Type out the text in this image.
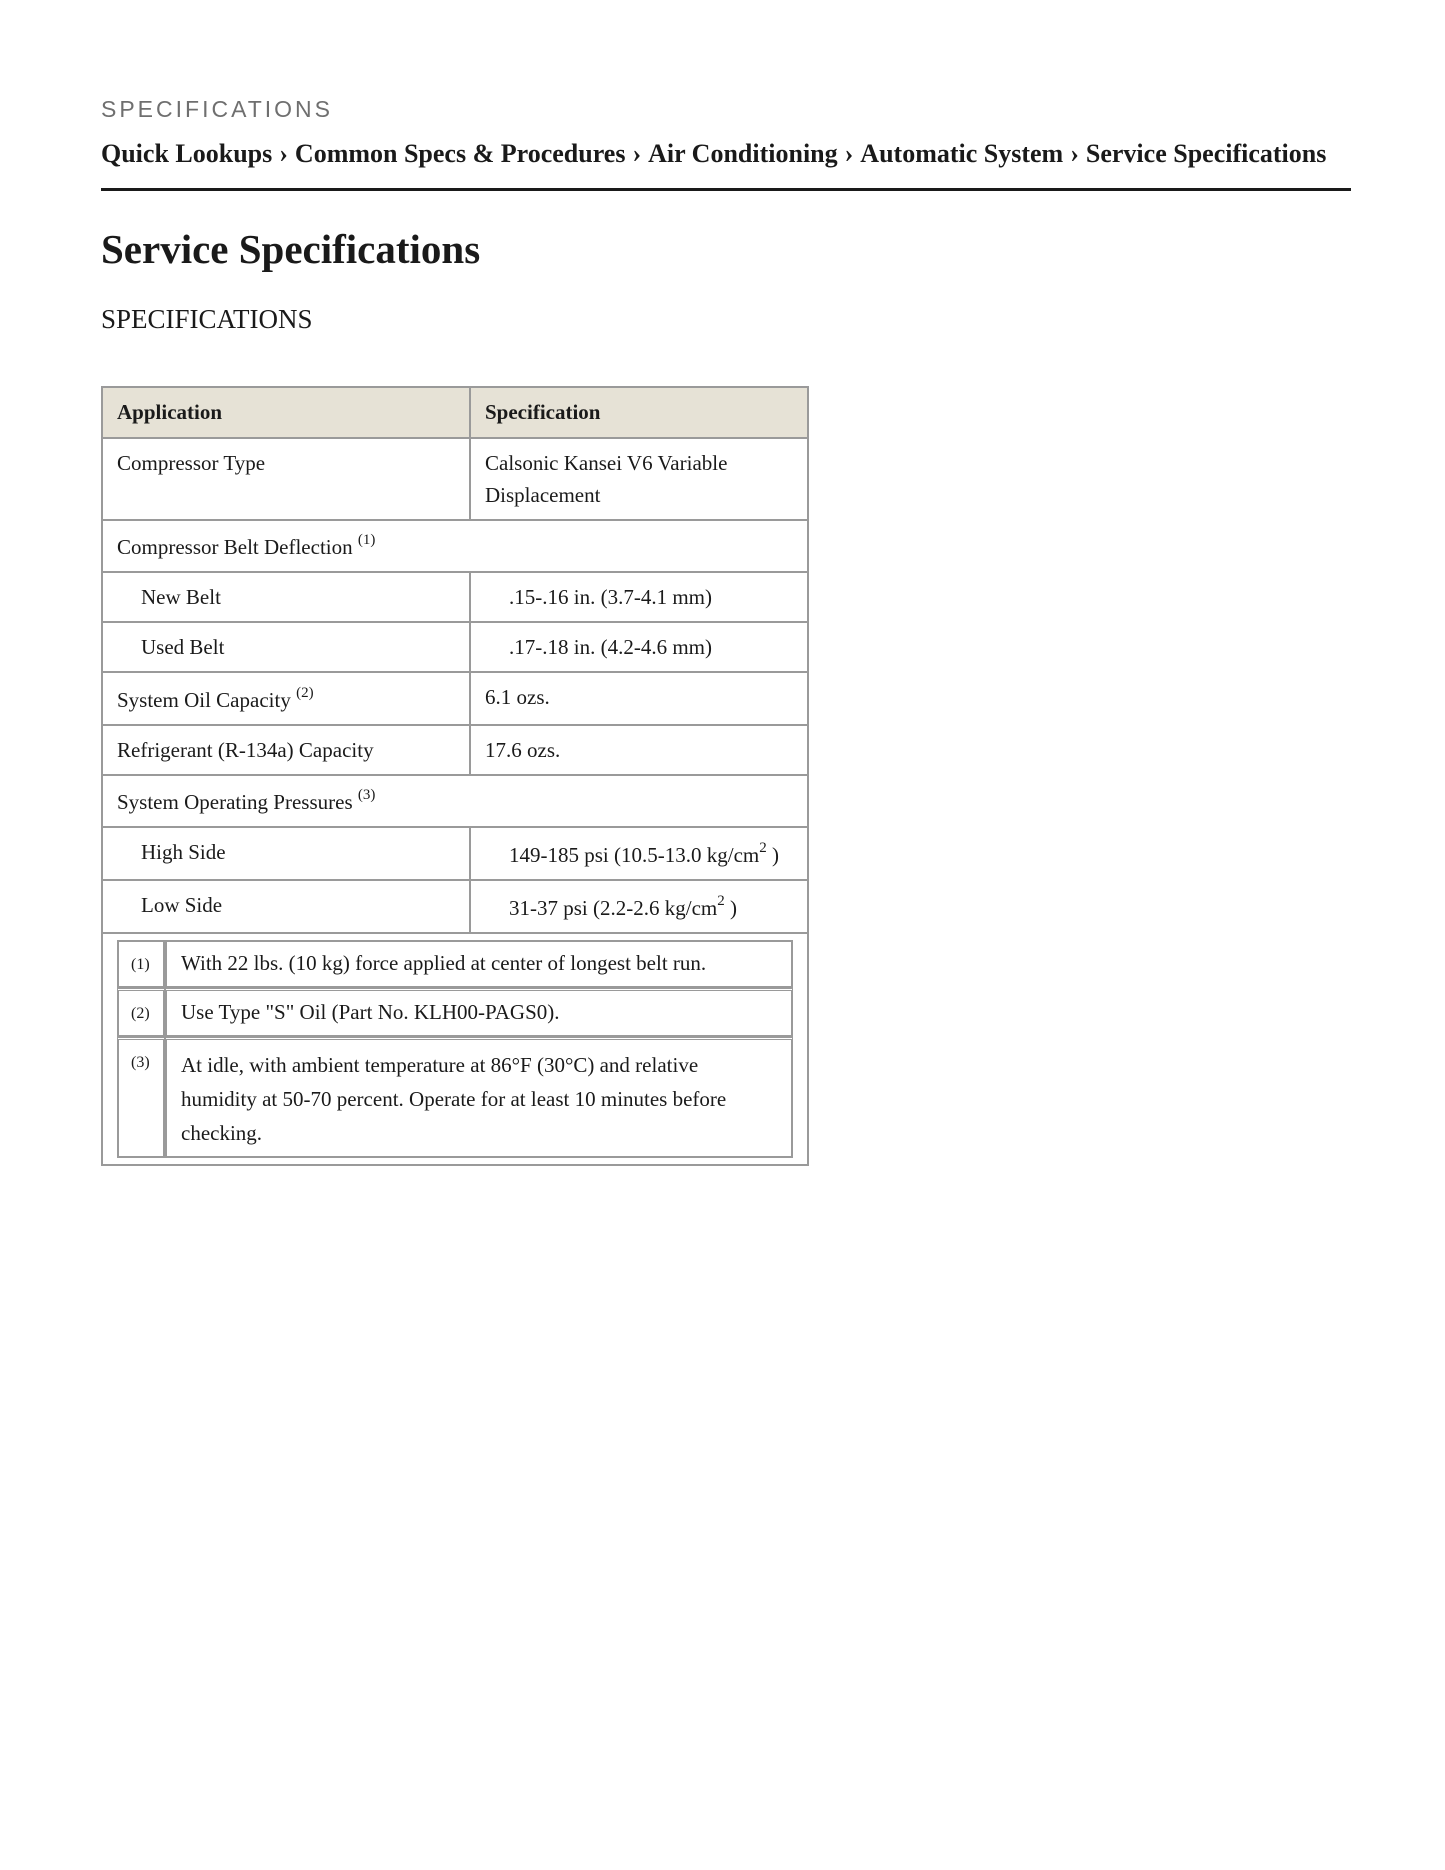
SPECIFICATIONS

Quick Lookups › Common Specs & Procedures › Air Conditioning › Automatic System › Service Specifications
Service Specifications
SPECIFICATIONS
Application	Specification
Compressor Type	Calsonic Kansei V6 Variable Displacement
Compressor Belt Deflection $^{(1)}$
New Belt	.15-.16 in. (3.7-4.1 mm)
Used Belt	.17-.18 in. (4.2-4.6 mm)
System Oil Capacity $^{(2)}$	6.1 ozs.
Refrigerant (R-134a) Capacity	17.6 ozs.
System Operating Pressures $^{(3)}$
High Side	149-185 psi (10.5-13.0 $kg/cm^2$ )
Low Side	31-37 psi (2.2-2.6 $kg/cm^2$ )

(1)	With 22 lbs. (10 kg) force applied at center of longest belt run.
(2)	Use Type "S" Oil (Part No. KLH00-PAGS0).
(3)	At idle, with ambient temperature at 86°F (30°C) and relative humidity at 50-70 percent. Operate for at least 10 minutes before checking.
